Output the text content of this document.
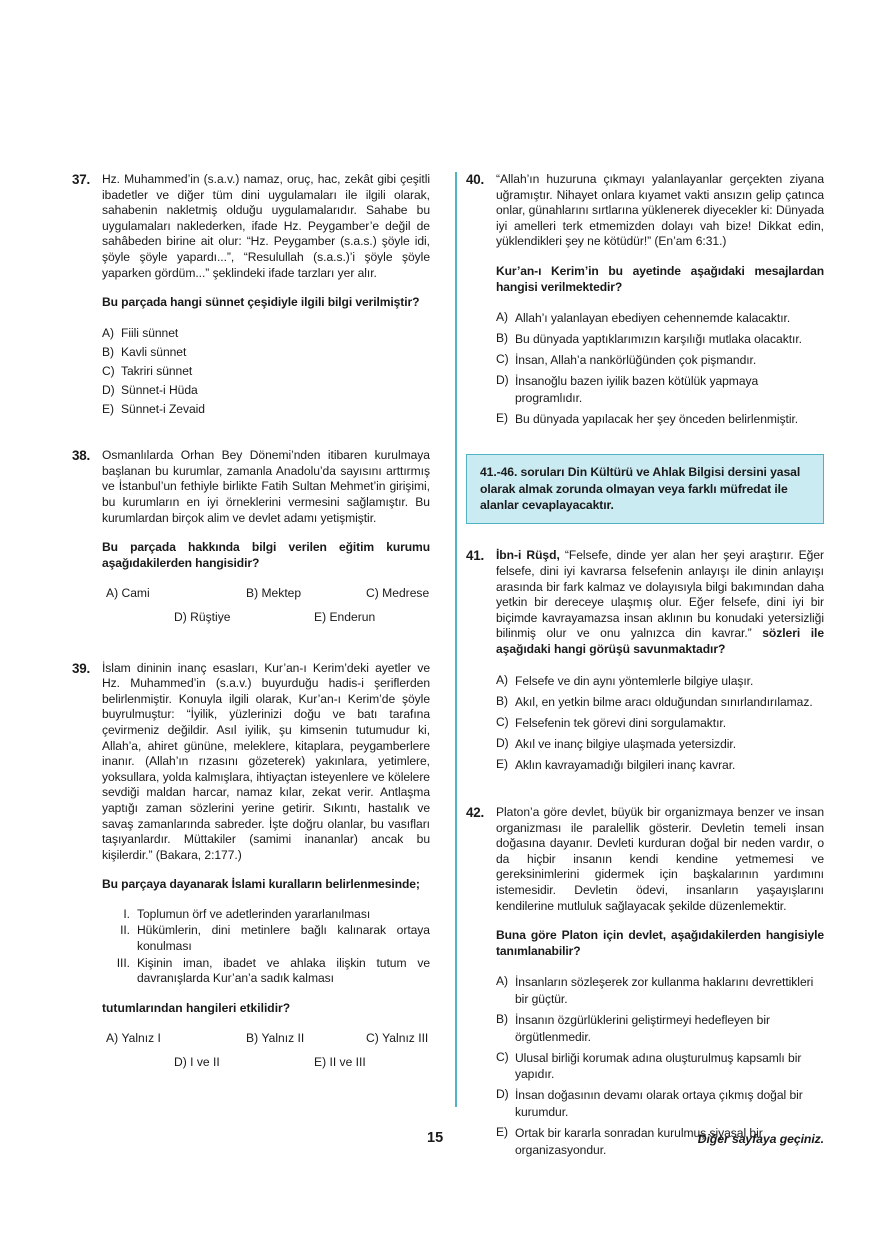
37. Hz. Muhammed’in (s.a.v.) namaz, oruç, hac, zekât gibi çeşitli ibadetler ve diğer tüm dini uygulamaları ile ilgili olarak, sahabenin nakletmiş olduğu uygulamalarıdır. Sahabe bu uygulamaları naklederken, ifade Hz. Peygamber’e değil de sahâbeden birine ait olur: “Hz. Peygamber (s.a.s.) şöyle idi, şöyle şöyle yapardı...”, “Resulullah (s.a.s.)’i şöyle şöyle yaparken gördüm...” şeklindeki ifade tarzları yer alır.

Bu parçada hangi sünnet çeşidiyle ilgili bilgi verilmiştir?

A) Fiili sünnet
B) Kavli sünnet
C) Takriri sünnet
D) Sünnet-i Hüda
E) Sünnet-i Zevaid
38. Osmanlılarda Orhan Bey Dönemi’nden itibaren kurulmaya başlanan bu kurumlar, zamanla Anadolu’da sayısını arttırmış ve İstanbul’un fethiyle birlikte Fatih Sultan Mehmet’in girişimi, bu kurumların en iyi örneklerini vermesini sağlamıştır. Bu kurumlardan birçok alim ve devlet adamı yetişmiştir.

Bu parçada hakkında bilgi verilen eğitim kurumu aşağıdakilerden hangisidir?

A) Cami	B) Mektep	C) Medrese
D) Rüştiye	E) Enderun
39. İslam dininin inanç esasları, Kur’an-ı Kerim’deki ayetler ve Hz. Muhammed’in (s.a.v.) buyurduğu hadis-i şeriflerden belirlenmiştir. Konuyla ilgili olarak, Kur’an-ı Kerim’de şöyle buyrulmuştur: “İyilik, yüzlerinizi doğu ve batı tarafına çevirmeniz değildir. Asıl iyilik, şu kimsenin tutumudur ki, Allah’a, ahiret gününe, meleklere, kitaplara, peygamberlere inanır. (Allah’ın rızasını gözeterek) yakınlara, yetimlere, yoksullara, yolda kalmışlara, ihtiyaçtan isteyenlere ve kölelere sevdiği maldan harcar, namaz kılar, zekat verir. Antlaşma yaptığı zaman sözlerini yerine getirir. Sıkıntı, hastalık ve savaş zamanlarında sabreder. İşte doğru olanlar, bu vasıfları taşıyanlardır. Müttakiler (samimi inananlar) ancak bu kişilerdir.” (Bakara, 2:177.)

Bu parçaya dayanarak İslami kuralların belirlenmesinde;

I. Toplumun örf ve adetlerinden yararlanılması
II. Hükümlerin, dini metinlere bağlı kalınarak ortaya konulması
III. Kişinin iman, ibadet ve ahlaka ilişkin tutum ve davranışlarda Kur’an’a sadık kalması

tutumlarından hangileri etkilidir?

A) Yalnız I	B) Yalnız II	C) Yalnız III
D) I ve II	E) II ve III
40. “Allah’ın huzuruna çıkmayı yalanlayanlar gerçekten ziyana uğramıştır. Nihayet onlara kıyamet vakti ansızın gelip çatınca onlar, günahlarını sırtlarına yüklenerek diyecekler ki: Dünyada iyi amelleri terk etmemizden dolayı vah bize! Dikkat edin, yüklendikleri şey ne kötüdür!” (En’am 6:31.)

Kur’an-ı Kerim’in bu ayetinde aşağıdaki mesajlardan hangisi verilmektedir?

A) Allah’ı yalanlayan ebediyen cehennemde kalacaktır.
B) Bu dünyada yaptıklarımızın karşılığı mutlaka olacaktır.
C) İnsan, Allah’a nankörlüğünden çok pişmandır.
D) İnsanoğlu bazen iyilik bazen kötülük yapmaya programlıdır.
E) Bu dünyada yapılacak her şey önceden belirlenmiştir.

41.-46. soruları Din Kültürü ve Ahlak Bilgisi dersini yasal olarak almak zorunda olmayan veya farklı müfredat ile alanlar cevaplayacaktır.

41. İbn-i Rüşd, “Felsefe, dinde yer alan her şeyi araştırır. Eğer felsefe, dini iyi kavrarsa felsefenin anlayışı ile dinin anlayışı arasında bir fark kalmaz ve dolayısıyla bilgi bakımından daha yetkin bir dereceye ulaşmış olur. Eğer felsefe, dini iyi bir biçimde kavrayamazsa insan aklının bu konudaki yetersizliği bilinmiş olur ve onu yalnızca din kavrar.” sözleri ile aşağıdaki hangi görüşü savunmaktadır?

A) Felsefe ve din aynı yöntemlerle bilgiye ulaşır.
B) Akıl, en yetkin bilme aracı olduğundan sınırlandırılamaz.
C) Felsefenin tek görevi dini sorgulamaktır.
D) Akıl ve inanç bilgiye ulaşmada yetersizdir.
E) Aklın kavrayamadığı bilgileri inanç kavrar.
42. Platon’a göre devlet, büyük bir organizmaya benzer ve insan organizması ile paralellik gösterir. Devletin temeli insan doğasına dayanır. Devleti kurduran doğal bir neden vardır, o da hiçbir insanın kendi kendine yetmemesi ve gereksinimlerini gidermek için başkalarının yardımını istemesidir. Devletin ödevi, insanların yaşayışlarını kendilerine mutluluk sağlayacak şekilde düzenlemektir.

Buna göre Platon için devlet, aşağıdakilerden hangisiyle tanımlanabilir?

A) İnsanların sözleşerek zor kullanma haklarını devrettikleri bir güçtür.
B) İnsanın özgürlüklerini geliştirmeyi hedefleyen bir örgütlenmedir.
C) Ulusal birliği korumak adına oluşturulmuş kapsamlı bir yapıdır.
D) İnsan doğasının devamı olarak ortaya çıkmış doğal bir kurumdur.
E) Ortak bir kararla sonradan kurulmuş siyasal bir organizasyondur.
15	Diğer sayfaya geçiniz.
